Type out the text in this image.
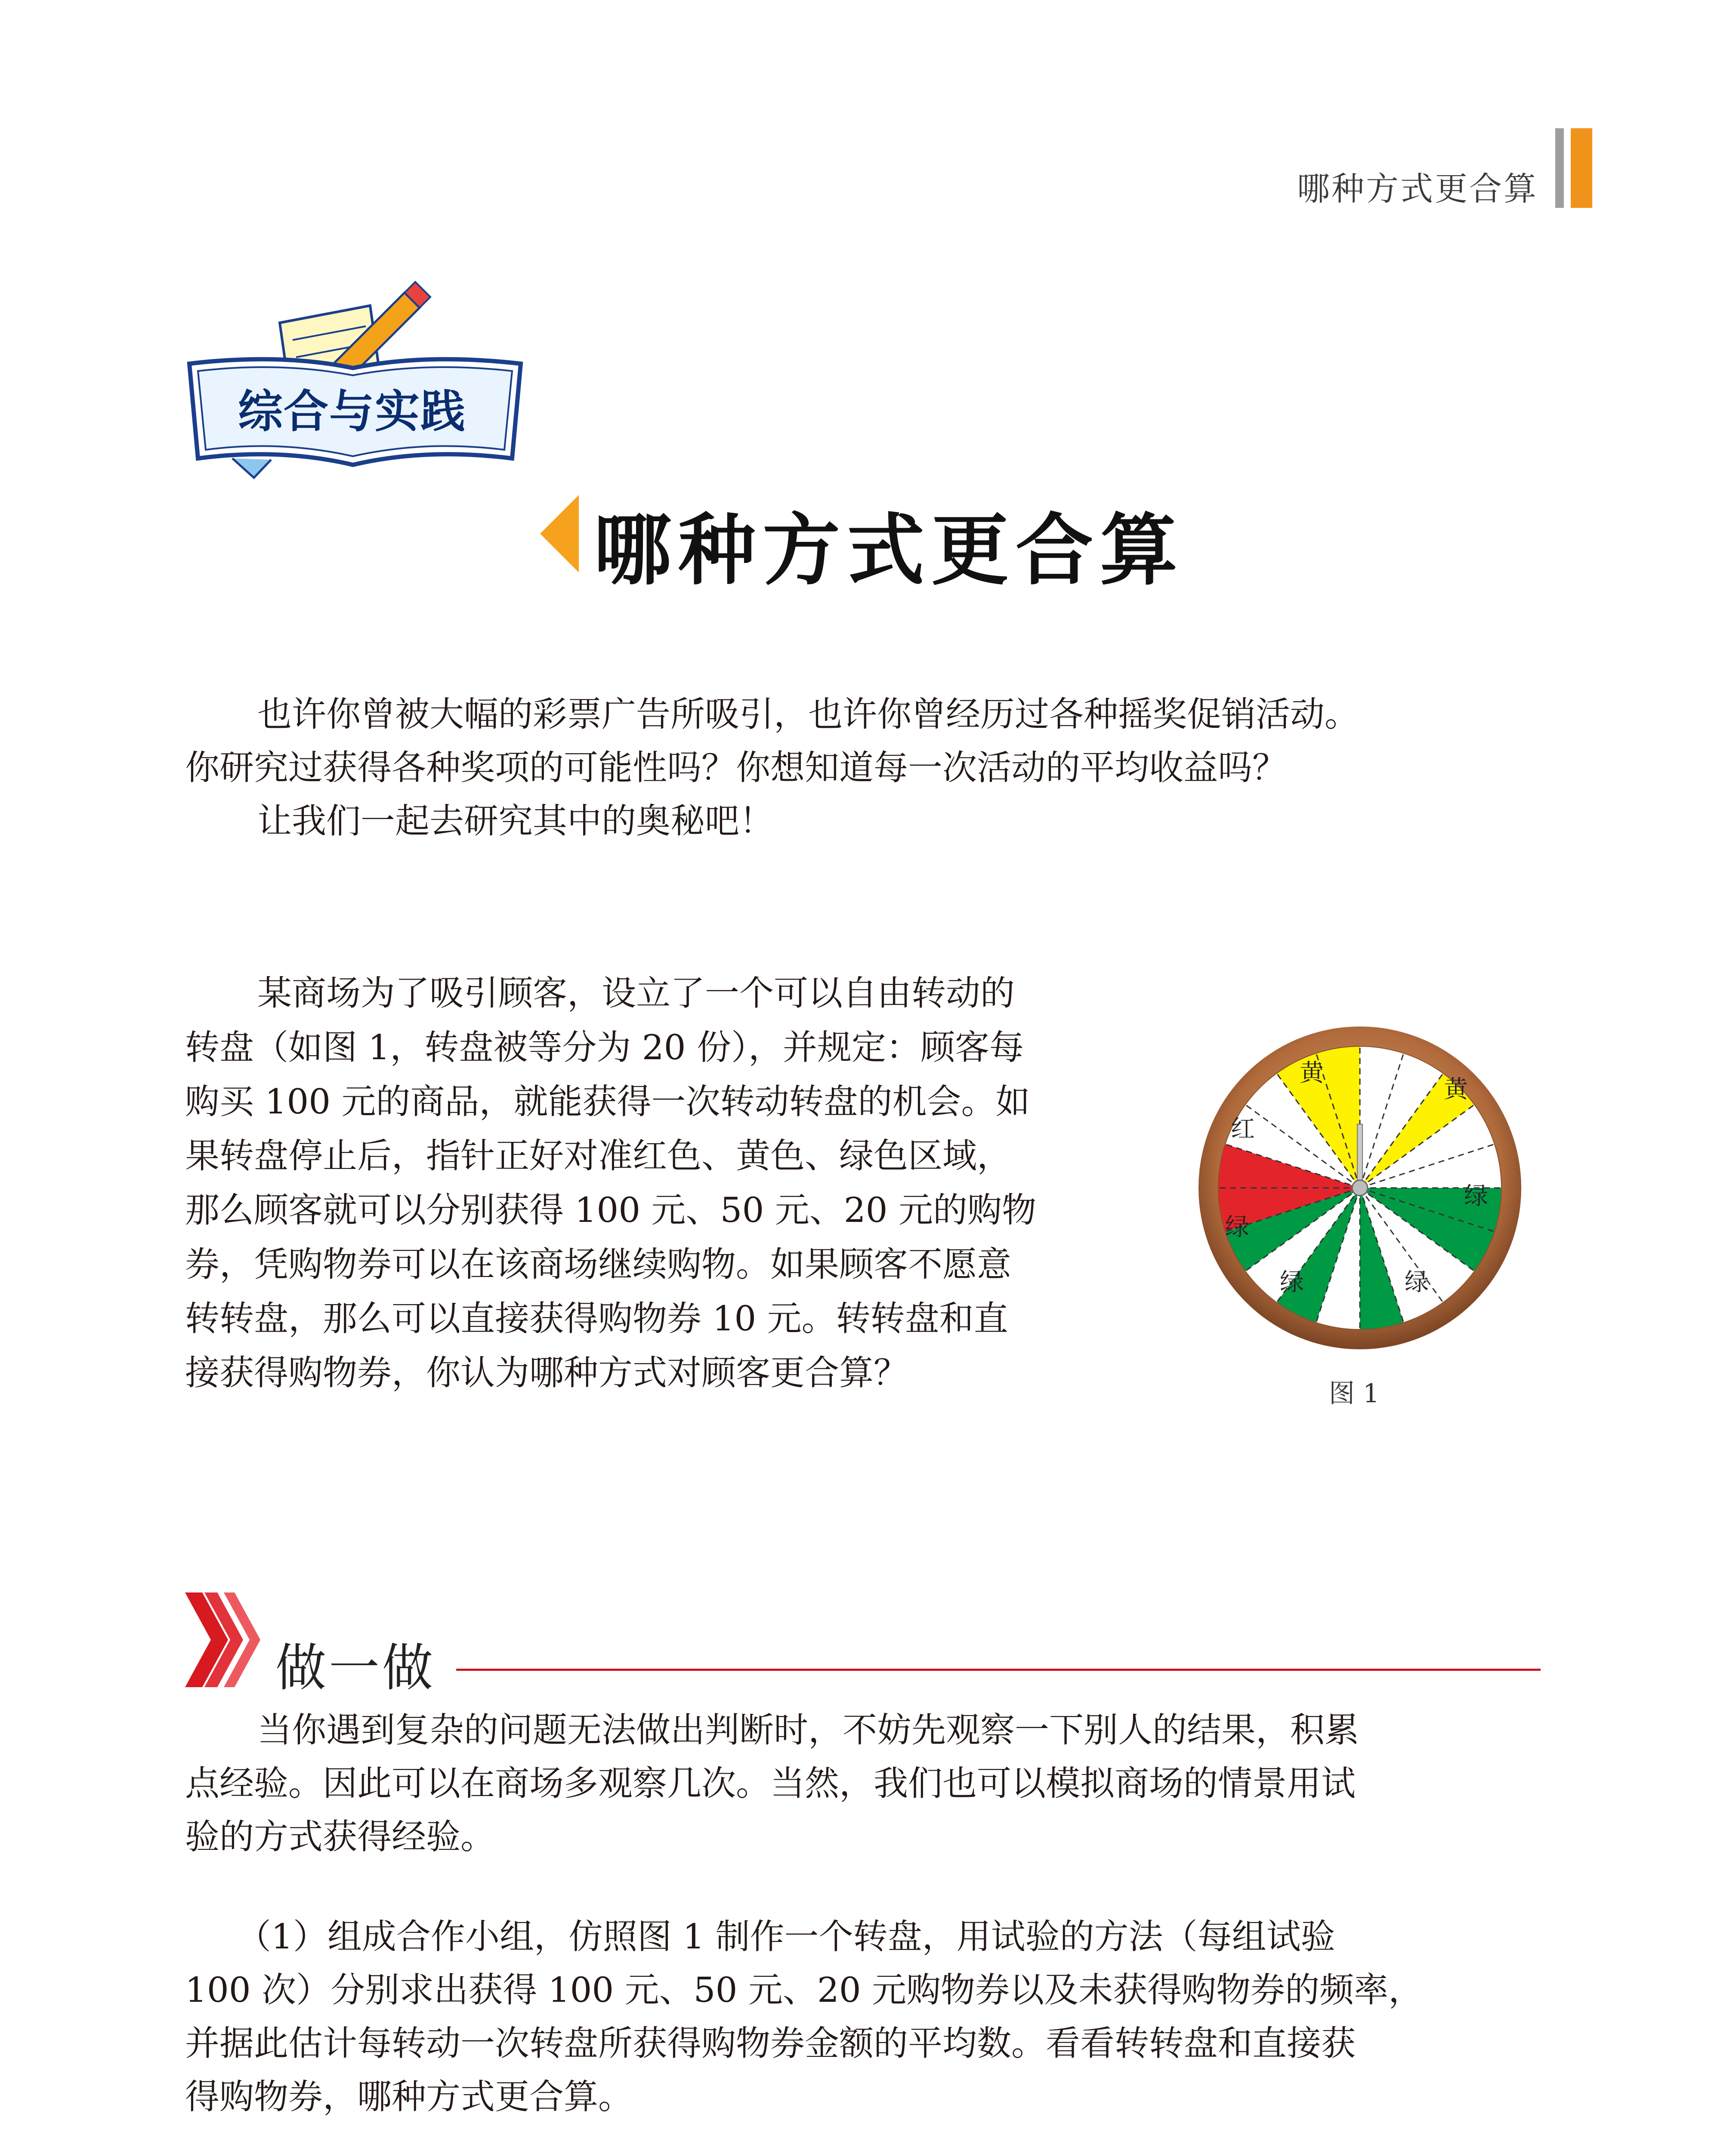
哪种方式更合算
综合与实践
哪种方式更合算
也许你曾被大幅的彩票广告所吸引，也许你曾经历过各种摇奖促销活动。
你研究过获得各种奖项的可能性吗？你想知道每一次活动的平均收益吗？
让我们一起去研究其中的奥秘吧！
某商场为了吸引顾客，设立了一个可以自由转动的
转盘（如图 1，转盘被等分为 20 份），并规定：顾客每
购买 100 元的商品，就能获得一次转动转盘的机会。如
果转盘停止后，指针正好对准红色、黄色、绿色区域，
那么顾客就可以分别获得 100 元、50 元、20 元的购物
券，凭购物券可以在该商场继续购物。如果顾客不愿意
转转盘，那么可以直接获得购物券 10 元。转转盘和直
接获得购物券，你认为哪种方式对顾客更合算？
黄
黄
红
绿
绿
绿	绿
图 1
做一做
当你遇到复杂的问题无法做出判断时，不妨先观察一下别人的结果，积累
点经验。因此可以在商场多观察几次。当然，我们也可以模拟商场的情景用试
验的方式获得经验。
（1）组成合作小组，仿照图 1 制作一个转盘，用试验的方法（每组试验
100 次）分别求出获得 100 元、50 元、20 元购物券以及未获得购物券的频率，
并据此估计每转动一次转盘所获得购物券金额的平均数。看看转转盘和直接获
得购物券，哪种方式更合算。
